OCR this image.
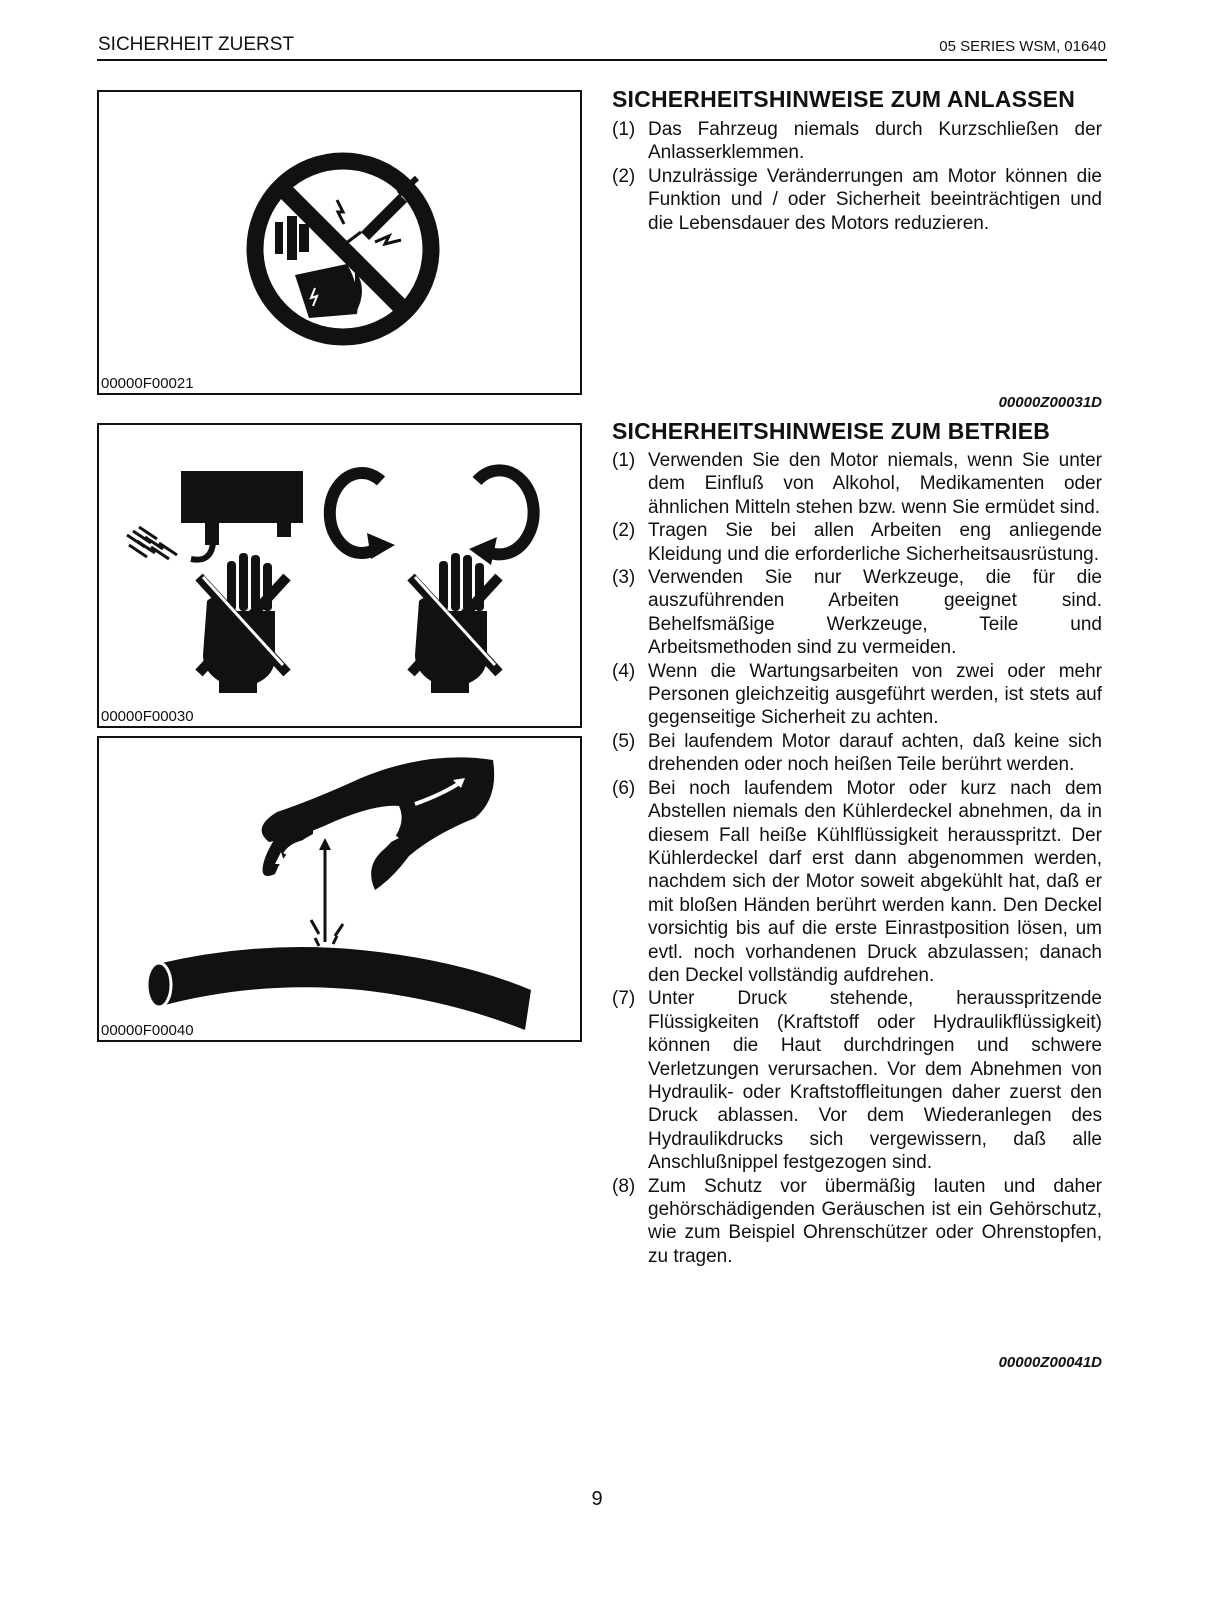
SICHERHEIT ZUERST	05 SERIES WSM, 01640
00000F00021
00000F00030
00000F00040
SICHERHEITSHINWEISE ZUM ANLASSEN
(1) Das Fahrzeug niemals durch Kurzschließen der Anlasserklemmen.
(2) Unzulrässige Veränderrungen am Motor können die Funktion und / oder Sicherheit beeinträchtigen und die Lebensdauer des Motors reduzieren.
00000Z00031D
SICHERHEITSHINWEISE ZUM BETRIEB
(1) Verwenden Sie den Motor niemals, wenn Sie unter dem Einfluß von Alkohol, Medikamenten oder ähnlichen Mitteln stehen bzw. wenn Sie ermüdet sind.
(2) Tragen Sie bei allen Arbeiten eng anliegende Kleidung und die erforderliche Sicherheitsausrüstung.
(3) Verwenden Sie nur Werkzeuge, die für die auszuführenden Arbeiten geeignet sind. Behelfsmäßige Werkzeuge, Teile und Arbeitsmethoden sind zu vermeiden.
(4) Wenn die Wartungsarbeiten von zwei oder mehr Personen gleichzeitig ausgeführt werden, ist stets auf gegenseitige Sicherheit zu achten.
(5) Bei laufendem Motor darauf achten, daß keine sich drehenden oder noch heißen Teile berührt werden.
(6) Bei noch laufendem Motor oder kurz nach dem Abstellen niemals den Kühlerdeckel abnehmen, da in diesem Fall heiße Kühlflüssigkeit herausspritzt. Der Kühlerdeckel darf erst dann abgenommen werden, nachdem sich der Motor soweit abgekühlt hat, daß er mit bloßen Händen berührt werden kann. Den Deckel vorsichtig bis auf die erste Einrastposition lösen, um evtl. noch vorhandenen Druck abzulassen; danach den Deckel vollständig aufdrehen.
(7) Unter Druck stehende, herausspritzende Flüssigkeiten (Kraftstoff oder Hydraulikflüssigkeit) können die Haut durchdringen und schwere Verletzungen verursachen. Vor dem Abnehmen von Hydraulik- oder Kraftstoffleitungen daher zuerst den Druck ablassen. Vor dem Wiederanlegen des Hydraulikdrucks sich vergewissern, daß alle Anschlußnippel festgezogen sind.
(8) Zum Schutz vor übermäßig lauten und daher gehörschädigenden Geräuschen ist ein Gehörschutz, wie zum Beispiel Ohrenschützer oder Ohrenstopfen, zu tragen.
00000Z00041D
9
